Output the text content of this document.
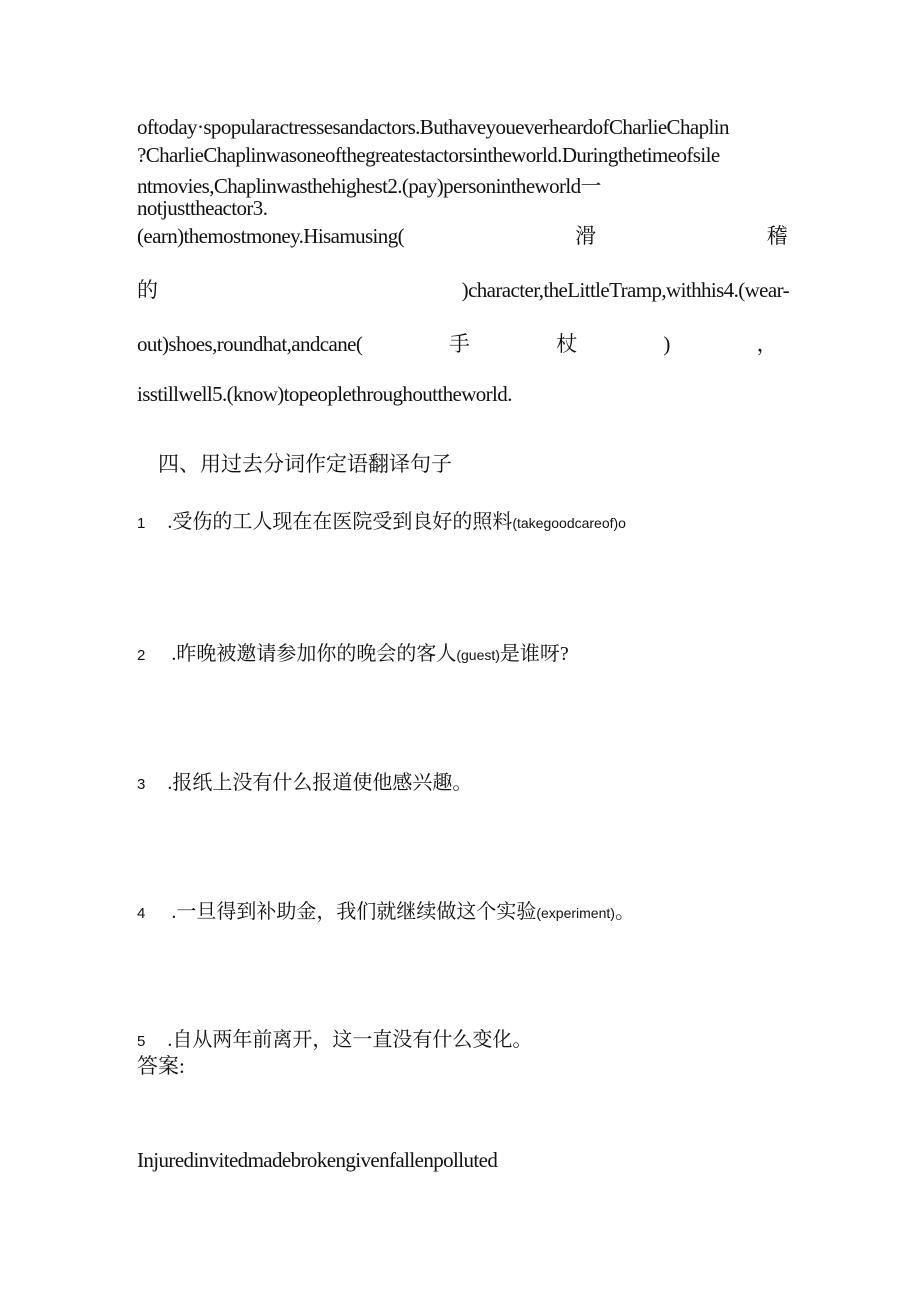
oftoday·spopularactressesandactors.ButhaveyoueverheardofCharlieChaplin
?CharlieChaplinwasoneofthegreatestactorsintheworld.Duringthetimeofsile
ntmovies,Chaplinwasthehighest2.(pay)personintheworld一
notjusttheactor3.
(earn)themostmoney.Hisamusing(	滑	稽
的	)character,theLittleTramp,withhis4.(wear-
out)shoes,roundhat,andcane(	手	杖	)	，
isstillwell5.(know)topeoplethroughouttheworld.
四、用过去分词作定语翻译句子
1 .受伤的工人现在在医院受到良好的照料(takegoodcareof)o
2 .昨晚被邀请参加你的晚会的客人(guest)是谁呀?
3 .报纸上没有什么报道使他感兴趣。
4 .一旦得到补助金，我们就继续做这个实验(experiment)。
5 .自从两年前离开，这一直没有什么变化。
答案:
Injuredinvitedmadebrokengivenfallenpolluted
